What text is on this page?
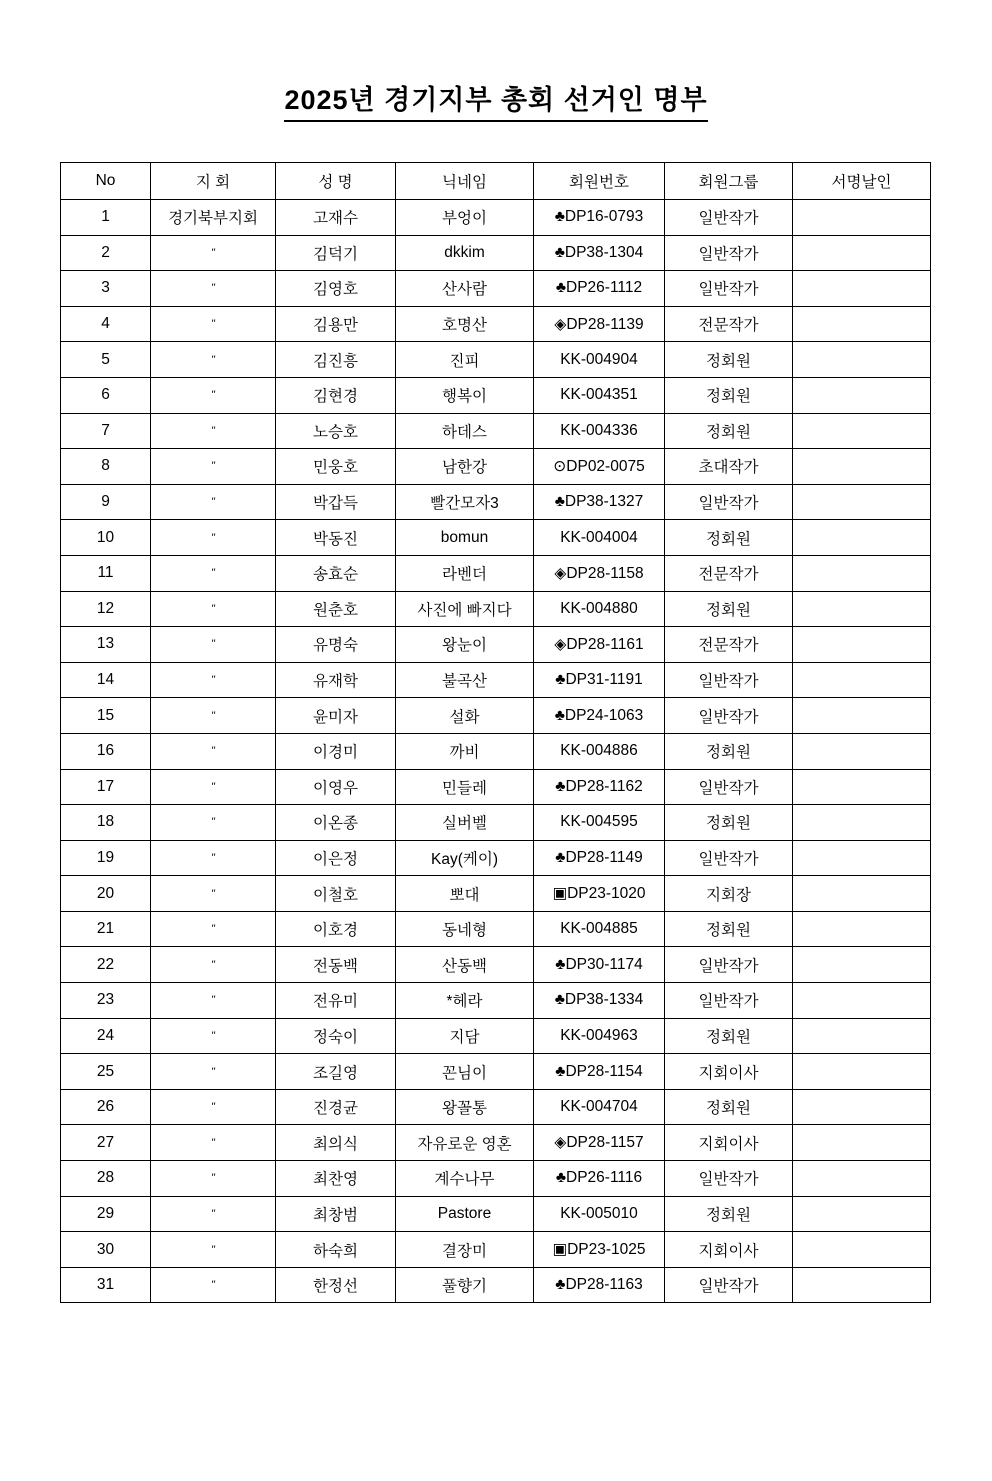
2025년 경기지부 총회 선거인 명부
No	지 회	성 명	닉네임	회원번호	회원그룹	서명날인
1	경기북부지회	고재수	부엉이	♣DP16-0793	일반작가	
2	"	김덕기	dkkim	♣DP38-1304	일반작가	
3	"	김영호	산사람	♣DP26-1112	일반작가	
4	"	김용만	호명산	◈DP28-1139	전문작가	
5	"	김진흥	진피	KK-004904	정회원	
6	"	김현경	행복이	KK-004351	정회원	
7	"	노승호	하데스	KK-004336	정회원	
8	"	민웅호	남한강	⊙DP02-0075	초대작가	
9	"	박갑득	빨간모자3	♣DP38-1327	일반작가	
10	"	박동진	bomun	KK-004004	정회원	
11	"	송효순	라벤더	◈DP28-1158	전문작가	
12	"	원춘호	사진에 빠지다	KK-004880	정회원	
13	"	유명숙	왕눈이	◈DP28-1161	전문작가	
14	"	유재학	불곡산	♣DP31-1191	일반작가	
15	"	윤미자	설화	♣DP24-1063	일반작가	
16	"	이경미	까비	KK-004886	정회원	
17	"	이영우	민들레	♣DP28-1162	일반작가	
18	"	이온종	실버벨	KK-004595	정회원	
19	"	이은정	Kay(케이)	♣DP28-1149	일반작가	
20	"	이철호	뽀대	▣DP23-1020	지회장	
21	"	이호경	동네형	KK-004885	정회원	
22	"	전동백	산동백	♣DP30-1174	일반작가	
23	"	전유미	*헤라	♣DP38-1334	일반작가	
24	"	정숙이	지담	KK-004963	정회원	
25	"	조길영	꼰님이	♣DP28-1154	지회이사	
26	"	진경균	왕꼴통	KK-004704	정회원	
27	"	최의식	자유로운 영혼	◈DP28-1157	지회이사	
28	"	최찬영	계수나무	♣DP26-1116	일반작가	
29	"	최창범	Pastore	KK-005010	정회원	
30	"	하숙희	결장미	▣DP23-1025	지회이사	
31	"	한정선	풀향기	♣DP28-1163	일반작가	
